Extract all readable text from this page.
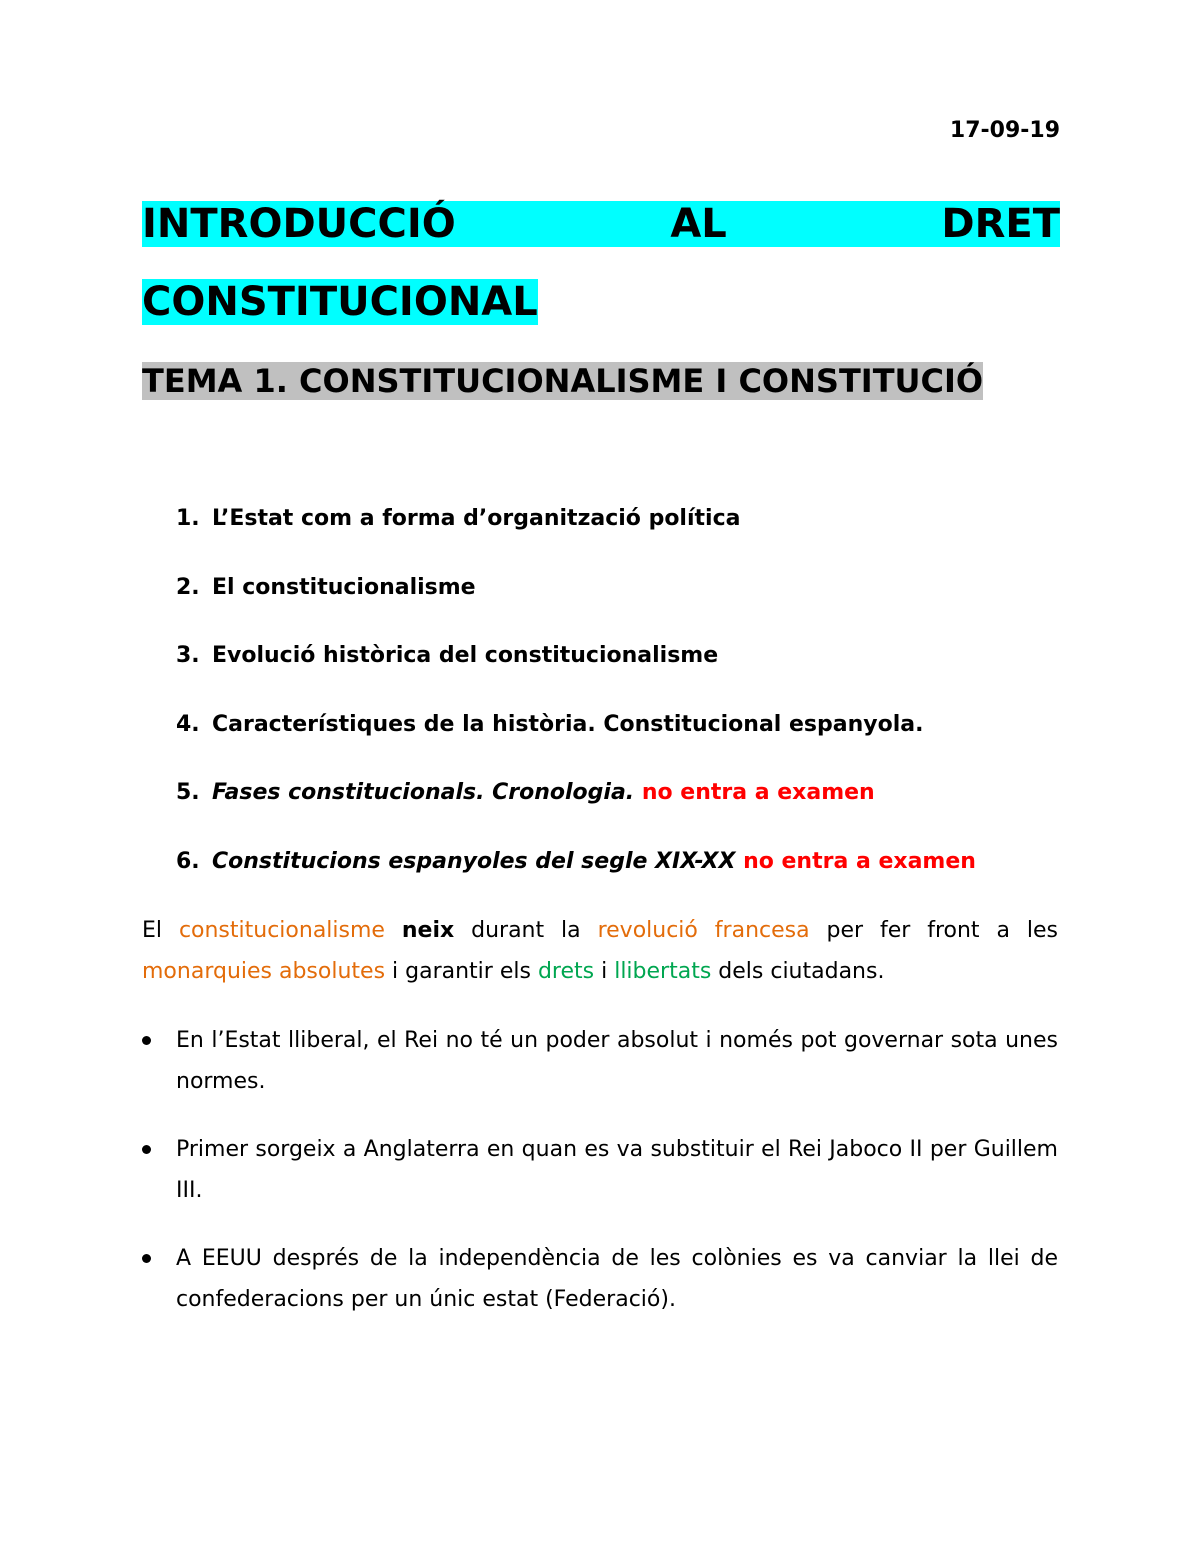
17-09-19
INTRODUCCIÓ AL DRET CONSTITUCIONAL
TEMA 1. CONSTITUCIONALISME I CONSTITUCIÓ
1. L’Estat com a forma d’organització política
2. El constitucionalisme
3. Evolució històrica del constitucionalisme
4. Característiques de la història. Constitucional espanyola.
5. Fases constitucionals. Cronologia. no entra a examen
6. Constitucions espanyoles del segle XIX-XX no entra a examen

El constitucionalisme neix durant la revolució francesa per fer front a les monarquies absolutes i garantir els drets i llibertats dels ciutadans.

En l’Estat lliberal, el Rei no té un poder absolut i només pot governar sota unes normes.
Primer sorgeix a Anglaterra en quan es va substituir el Rei Jaboco II per Guillem III.
A EEUU després de la independència de les colònies es va canviar la llei de confederacions per un únic estat (Federació).
